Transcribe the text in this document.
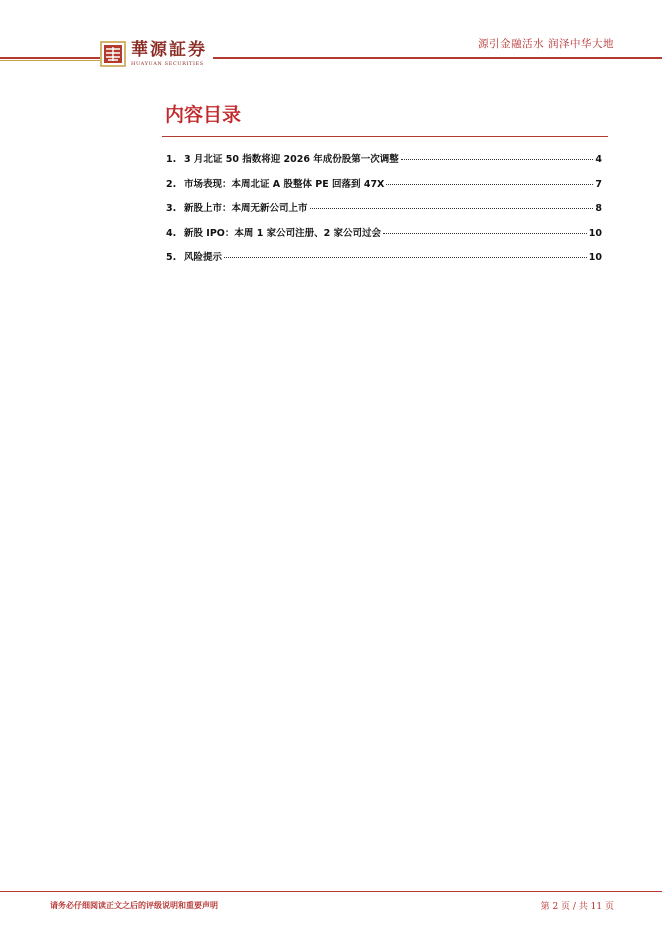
源引金融活水 润泽中华大地
華源証券
HUAYUAN SECURITIES
内容目录
1. 3 月北证 50 指数将迎 2026 年成份股第一次调整	4
2. 市场表现：本周北证 A 股整体 PE 回落到 47X	7
3. 新股上市：本周无新公司上市	8
4. 新股 IPO：本周 1 家公司注册、2 家公司过会	10
5. 风险提示	10
请务必仔细阅读正文之后的评级说明和重要声明	第 2 页 / 共 11 页
